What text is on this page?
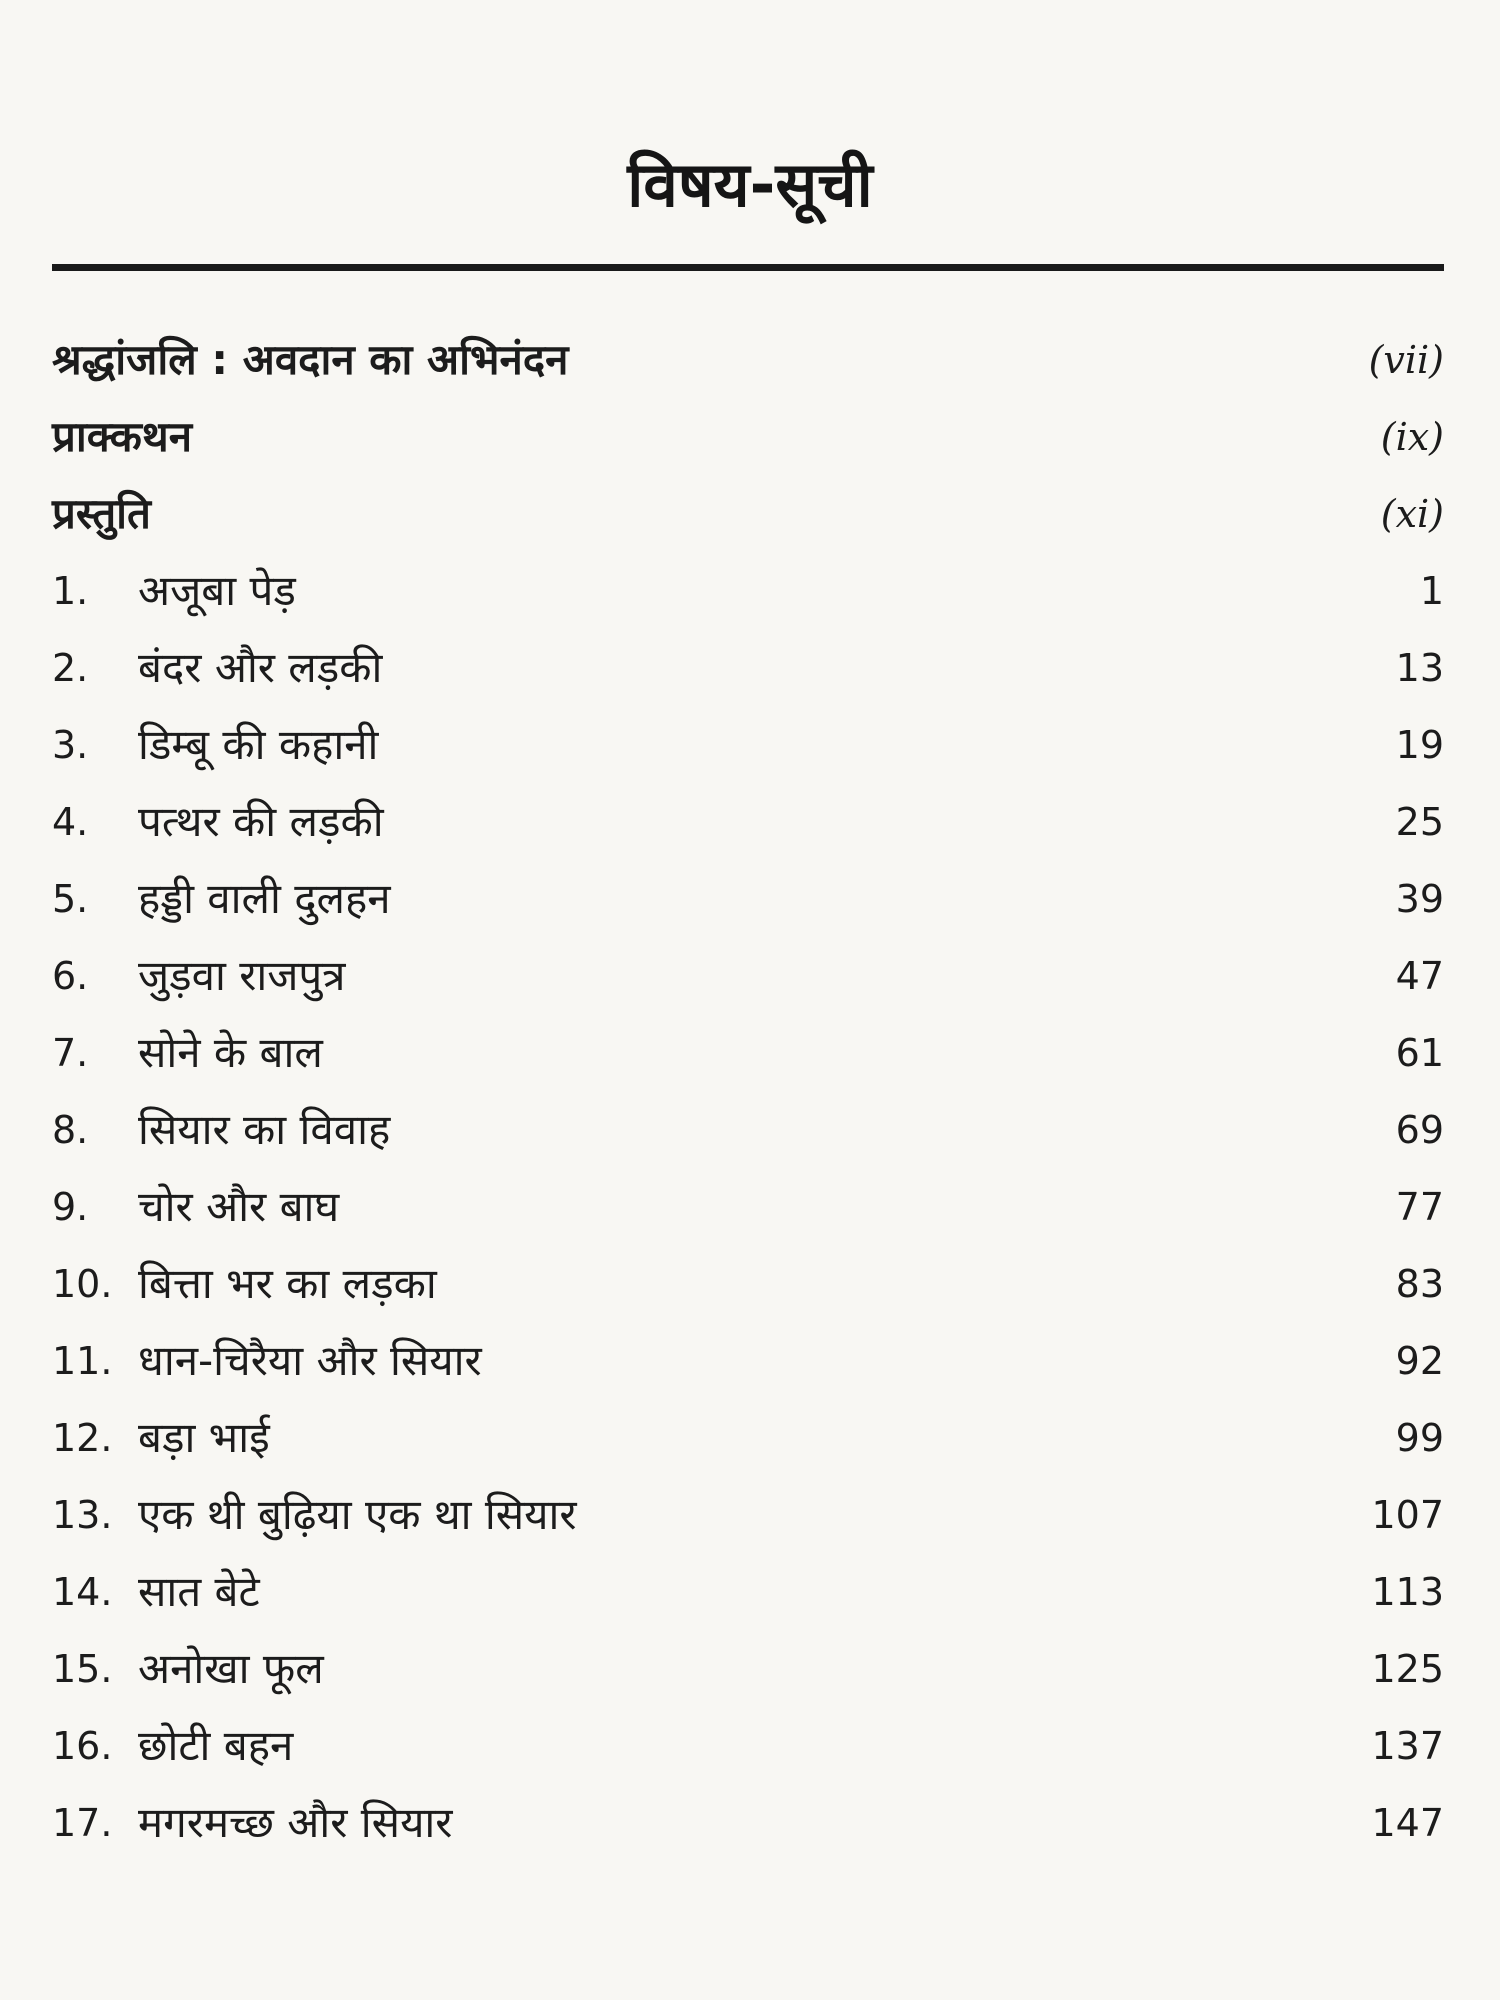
विषय-सूची
श्रद्धांजलि : अवदान का अभिनंदन	(vii)
प्राक्कथन	(ix)
प्रस्तुति	(xi)
1. अजूबा पेड़	1
2. बंदर और लड़की	13
3. डिम्बू की कहानी	19
4. पत्थर की लड़की	25
5. हड्डी वाली दुलहन	39
6. जुड़वा राजपुत्र	47
7. सोने के बाल	61
8. सियार का विवाह	69
9. चोर और बाघ	77
10. बित्ता भर का लड़का	83
11. धान-चिरैया और सियार	92
12. बड़ा भाई	99
13. एक थी बुढ़िया एक था सियार	107
14. सात बेटे	113
15. अनोखा फूल	125
16. छोटी बहन	137
17. मगरमच्छ और सियार	147
